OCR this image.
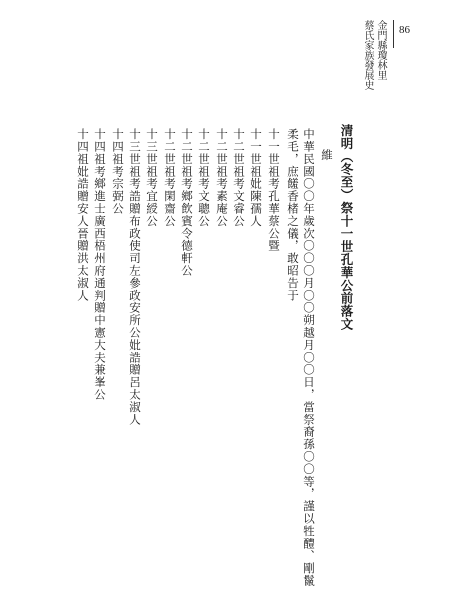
金門縣瓊林里
蔡氏家族發展史 86
清明（冬至）祭十一世孔華公前落文
維
中華民國〇〇年歲次〇〇〇月〇〇朔越月〇〇日，當祭裔孫〇〇等，謹以牲醴、剛鬣
柔毛，庶饈香楮之儀，敢昭告于
十一世祖考孔華蔡公暨
十一世祖妣陳孺人
十二世祖考文睿公
十二世祖考素庵公
十二世祖考文聰公
十二世祖考鄉飲賓令德軒公
十二世祖考閑齋公
十三世祖考宜綬公
十三世祖考誥贈布政使司左參政安所公妣誥贈呂太淑人
十四祖考宗弼公
十四祖考鄉進士廣西梧州府通判贈中憲大夫兼峯公
十四祖妣誥贈安人晉贈洪太淑人
